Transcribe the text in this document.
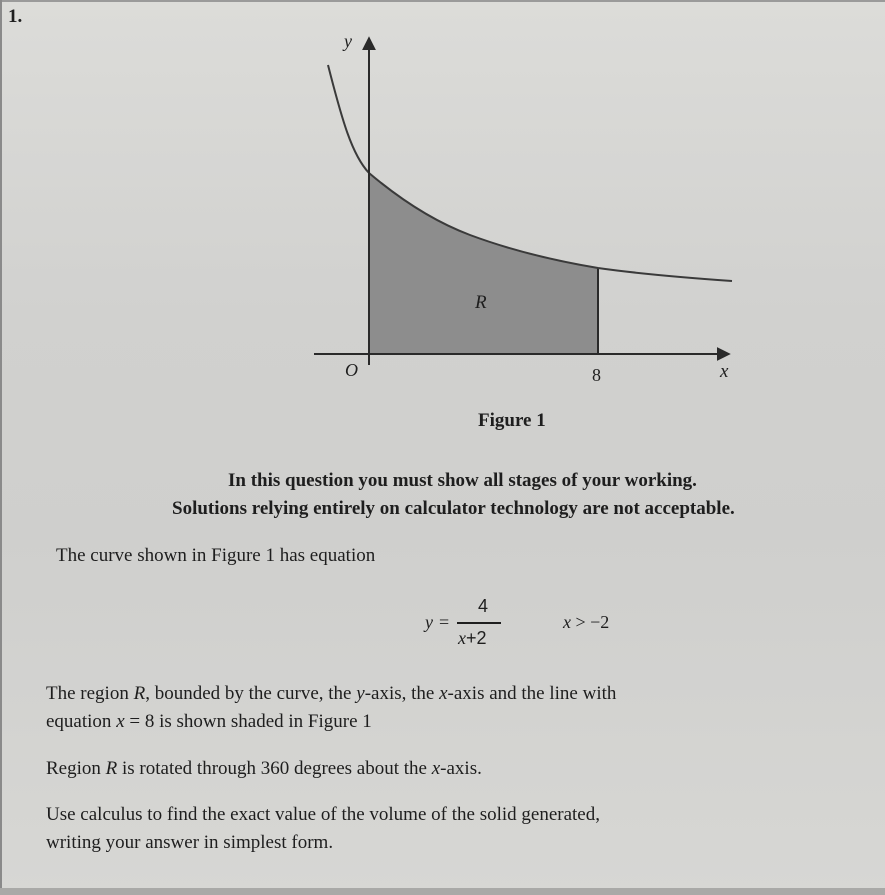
1.
y
x
O
R
8
Figure 1
In this question you must show all stages of your working.
Solutions relying entirely on calculator technology are not acceptable.
The curve shown in Figure 1 has equation
y =
4
x+2
x > −2
The region R, bounded by the curve, the y-axis, the x-axis and the line with
equation x = 8 is shown shaded in Figure 1
Region R is rotated through 360 degrees about the x-axis.
Use calculus to find the exact value of the volume of the solid generated,
writing your answer in simplest form.
